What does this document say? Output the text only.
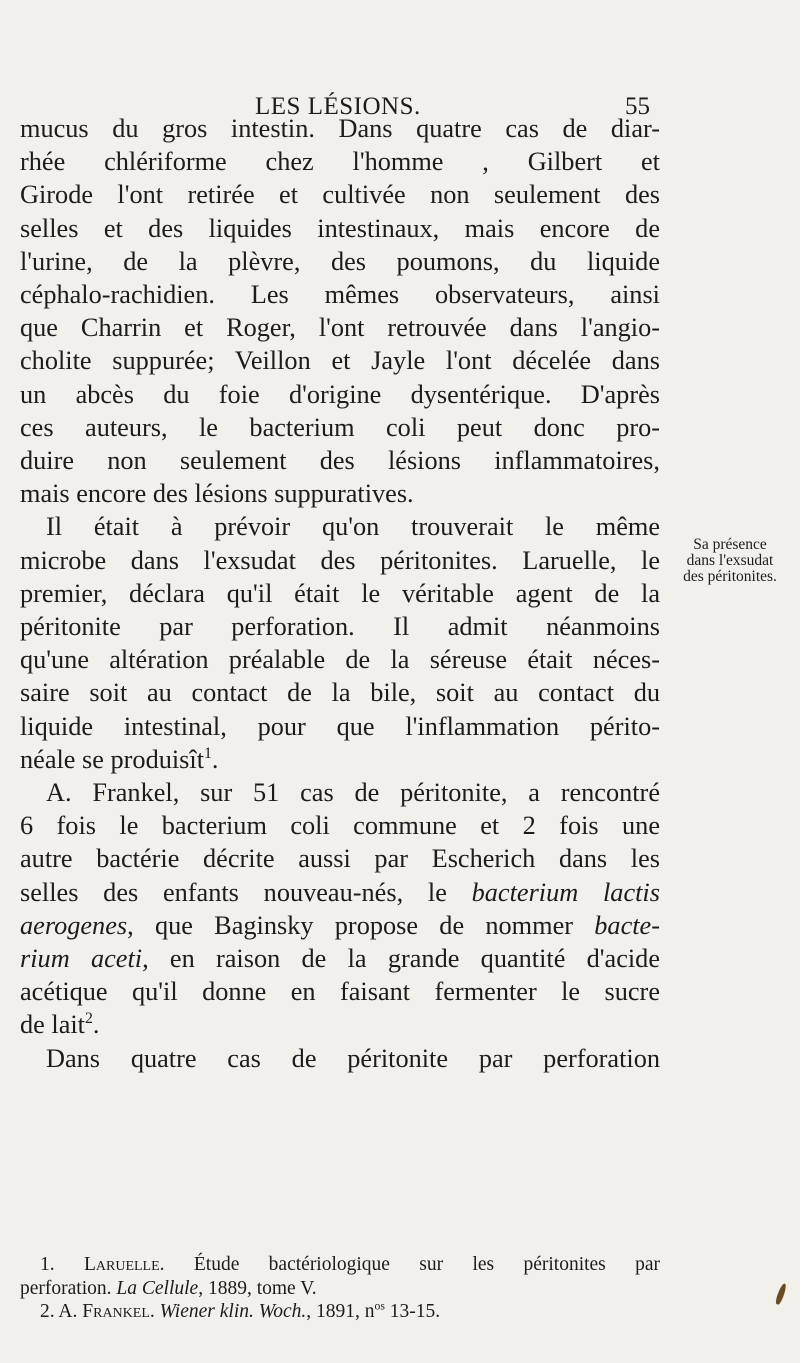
LES LÉSIONS.	55

mucus du gros intestin. Dans quatre cas de diar-
rhée chlériforme chez l'homme , Gilbert et
Girode l'ont retirée et cultivée non seulement des
selles et des liquides intestinaux, mais encore de
l'urine, de la plèvre, des poumons, du liquide
céphalo-rachidien. Les mêmes observateurs, ainsi
que Charrin et Roger, l'ont retrouvée dans l'angio-
cholite suppurée; Veillon et Jayle l'ont décelée dans
un abcès du foie d'origine dysentérique. D'après
ces auteurs, le bacterium coli peut donc pro-
duire non seulement des lésions inflammatoires,
mais encore des lésions suppuratives.

Il était à prévoir qu'on trouverait le même
microbe dans l'exsudat des péritonites. Laruelle, le
premier, déclara qu'il était le véritable agent de la
péritonite par perforation. Il admit néanmoins
qu'une altération préalable de la séreuse était néces-
saire soit au contact de la bile, soit au contact du
liquide intestinal, pour que l'inflammation périto-
néale se produisît$^1$.

A. Frankel, sur 51 cas de péritonite, a rencontré
6 fois le bacterium coli commune et 2 fois une
autre bactérie décrite aussi par Escherich dans les
selles des enfants nouveau-nés, le bacterium lactis
aerogenes, que Baginsky propose de nommer bacte-
rium aceti, en raison de la grande quantité d'acide
acétique qu'il donne en faisant fermenter le sucre
de lait$^2$.

Dans quatre cas de péritonite par perforation

Sa présence
dans l'exsudat
des péritonites.
1. Laruelle. Étude bactériologique sur les péritonites par
perforation. La Cellule, 1889, tome V.
2. A. Frankel. Wiener klin. Woch., 1891, $n^{os}$ 13-15.
